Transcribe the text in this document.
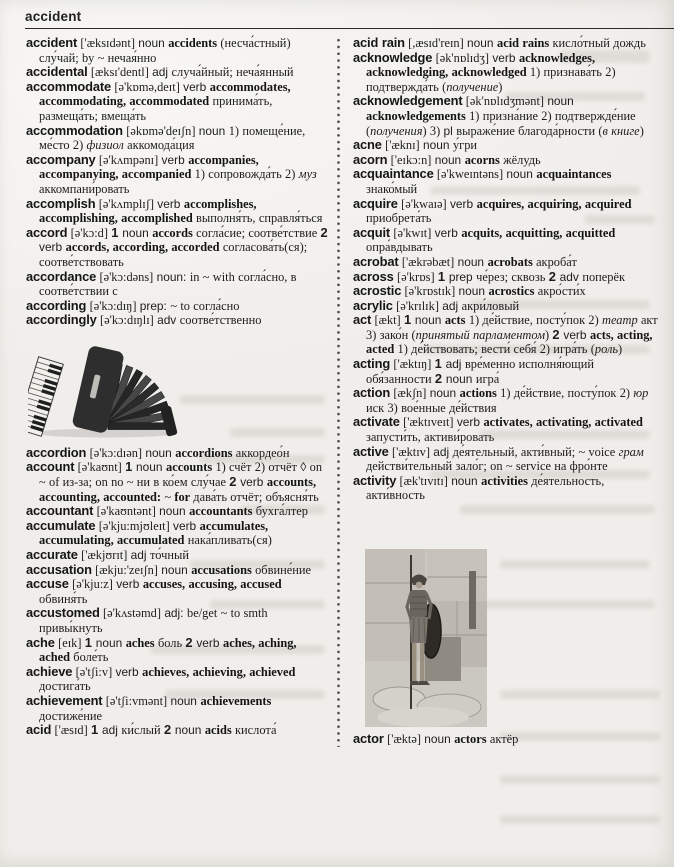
accident

accident ['æksɪdənt] noun accidents (несча́стный) слу́чай; by ~ нечая́нно

accidental [æksɪ'dentl] adj случа́йный; неча́янный

accommodate [ə'kɒmə,deɪt] verb accommodates, accommodating, accommodated принима́ть, размеща́ть; вмеща́ть

accommodation [əkɒmə'deɪʃn] noun 1) помеще́ние, ме́сто 2) физиол аккомода́ция

accompany [ə'kʌmpənɪ] verb accompanies, accompanying, accompanied 1) сопровожда́ть 2) муз аккомпани́ровать

accomplish [ə'kʌmplɪʃ] verb accomplishes, accomplishing, accomplished выполня́ть, справля́ться

accord [ə'kɔ:d] 1 noun accords согла́сие; соотве́тствие 2 verb accords, according, accorded согласова́ть(ся); соотве́тствовать

accordance [ə'kɔ:dəns] noun: in ~ with согла́сно, в соотве́тствии с

according [ə'kɔ:dɪŋ] prep: ~ to согла́сно

accordingly [ə'kɔ:dɪŋlɪ] adv соотве́тственно

accordion [ə'kɔ:dɪən] noun accordions аккордео́н

account [ə'kaʊnt] 1 noun accounts 1) счёт 2) отчёт ◊ on ~ of из-за; on no ~ ни в ко́ем слу́чае 2 verb accounts, accounting, accounted: ~ for дава́ть отчёт; объясня́ть

accountant [ə'kaʊntənt] noun accountants бухга́лтер

accumulate [ə'kju:mjʊleɪt] verb accumulates, accumulating, accumulated нака́пливать(ся)

accurate ['ækjʊrɪt] adj то́чный

accusation [ækju:'zeɪʃn] noun accusations обвине́ние

accuse [ə'kju:z] verb accuses, accusing, accused обвиня́ть

accustomed [ə'kʌstəmd] adj: be/get ~ to smth привы́кнуть

ache [eɪk] 1 noun aches боль 2 verb aches, aching, ached боле́ть

achieve [ə'tʃi:v] verb achieves, achieving, achieved достига́ть

achievement [ə'tʃi:vmənt] noun achievements достиже́ние

acid ['æsɪd] 1 adj ки́слый 2 noun acids кислота́

acid rain [,æsɪd'reɪn] noun acid rains кисло́тный дождь

acknowledge [ək'nɒlɪdʒ] verb acknowledges, acknowledging, acknowledged 1) признава́ть 2) подтвержда́ть (получение)

acknowledgement [ək'nɒlɪdʒmənt] noun acknowledgements 1) призна́ние 2) подтвержде́ние (получения) 3) pl выраже́ние благода́рности (в книге)

acne ['æknɪ] noun у́гри

acorn ['eɪkɔ:n] noun acorns жёлудь

acquaintance [ə'kweɪntəns] noun acquaintances знако́мый

acquire [ə'kwaɪə] verb acquires, acquiring, acquired приобрета́ть

acquit [ə'kwɪt] verb acquits, acquitting, acquitted опра́вдывать

acrobat ['ækrəbæt] noun acrobats акроба́т

across [ə'krɒs] 1 prep че́рез; сквозь 2 adv поперёк

acrostic [ə'krɒstɪk] noun acrostics акро́сти́х

acrylic [ə'krɪlɪk] adj акри́ловый

act [ækt] 1 noun acts 1) де́йствие, посту́пок 2) театр акт 3) зако́н (принятый парламентом) 2 verb acts, acting, acted 1) де́йствовать; вести́ себя́ 2) игра́ть (роль)

acting ['æktɪŋ] 1 adj вре́менно исполня́ющий обя́занности 2 noun игра́

action [ækʃn] noun actions 1) де́йствие, посту́пок 2) юр иск 3) вое́нные де́йствия

activate ['æktɪveɪt] verb activates, activating, activated запусти́ть, активи́ровать

active ['æktɪv] adj де́ятельный, акти́вный; ~ voice грам действи́тельный зало́г; on ~ service на фро́нте

activity [æk'tɪvɪtɪ] noun activities де́ятельность, акти́вность

actor ['æktə] noun actors актёр
